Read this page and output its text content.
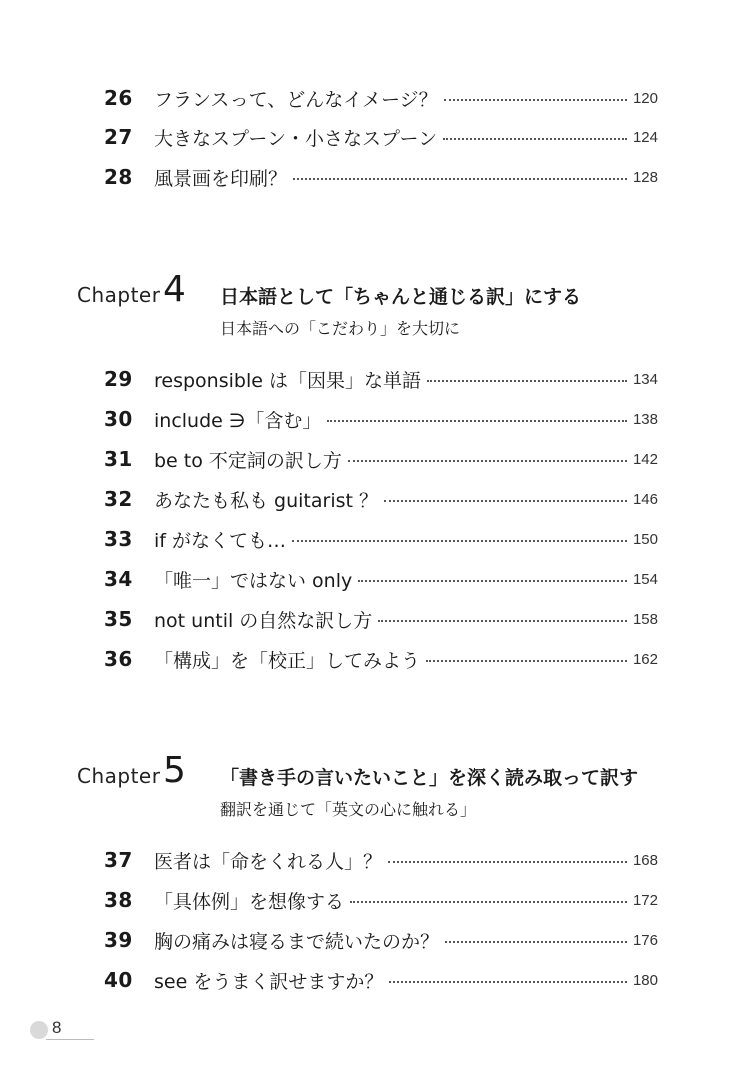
26	フランスって、どんなイメージ？	120
27	大きなスプーン・小さなスプーン	124
28	風景画を印刷？	128
Chapter 4 日本語として「ちゃんと通じる訳」にする
日本語への「こだわり」を大切に
29	responsible は「因果」な単語	134
30	include ∋「含む」	138
31	be to 不定詞の訳し方	142
32	あなたも私も guitarist ？	146
33	if がなくても…	150
34	「唯一」ではない only	154
35	not until の自然な訳し方	158
36	「構成」を「校正」してみよう	162
Chapter 5 「書き手の言いたいこと」を深く読み取って訳す
翻訳を通じて「英文の心に触れる」
37	医者は「命をくれる人」？	168
38	「具体例」を想像する	172
39	胸の痛みは寝るまで続いたのか？	176
40	see をうまく訳せますか？	180
8
